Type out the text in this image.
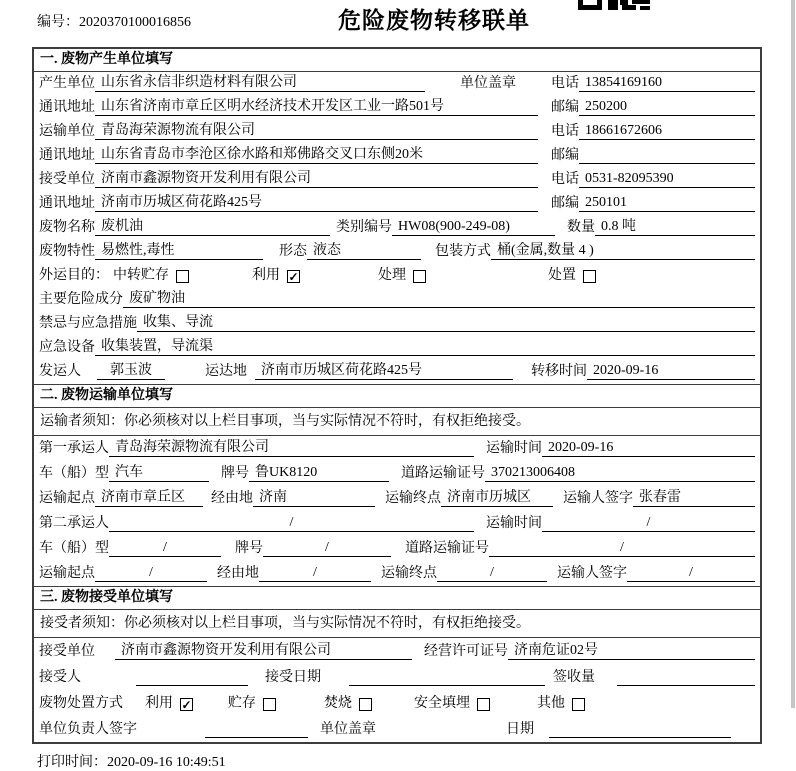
编号：2020370100016856	危险废物转移联单
一. 废物产生单位填写
产生单位 山东省永信非织造材料有限公司	单位盖章	电话 13854169160
通讯地址 山东省济南市章丘区明水经济技术开发区工业一路501号	邮编 250200
运输单位 青岛海荣源物流有限公司	电话 18661672606
通讯地址 山东省青岛市李沧区徐水路和郑佛路交叉口东侧20米	邮编
接受单位 济南市鑫源物资开发利用有限公司	电话 0531-82095390
通讯地址 济南市历城区荷花路425号	邮编 250101
废物名称 废机油	类别编号 HW08(900-249-08)	数量 0.8 吨
废物特性 易燃性,毒性	形态 液态	包装方式 桶(金属,数量 4 )
外运目的： 中转贮存	利用 ✓	处理	处置
主要危险成分 废矿物油
禁忌与应急措施 收集、导流
应急设备 收集装置，导流渠
发运人	郭玉波	运达地	济南市历城区荷花路425号	转移时间 2020-09-16
二. 废物运输单位填写
运输者须知：你必须核对以上栏目事项，当与实际情况不符时，有权拒绝接受。
第一承运人 青岛海荣源物流有限公司	运输时间 2020-09-16
车（船）型 汽车	牌号 鲁UK8120	道路运输证号 370213006408
运输起点 济南市章丘区	经由地 济南	运输终点 济南市历城区	运输人签字 张春雷
第二承运人	/	运输时间	/
车（船）型	/	牌号	/	道路运输证号	/
运输起点	/	经由地	/	运输终点	/	运输人签字	/
三. 废物接受单位填写
接受者须知：你必须核对以上栏目事项，当与实际情况不符时，有权拒绝接受。
接受单位	济南市鑫源物资开发利用有限公司	经营许可证号 济南危证02号
接受人	接受日期	签收量
废物处置方式 利用 ✓	贮存	焚烧	安全填埋	其他
单位负责人签字	单位盖章	日期
打印时间：2020-09-16 10:49:51
